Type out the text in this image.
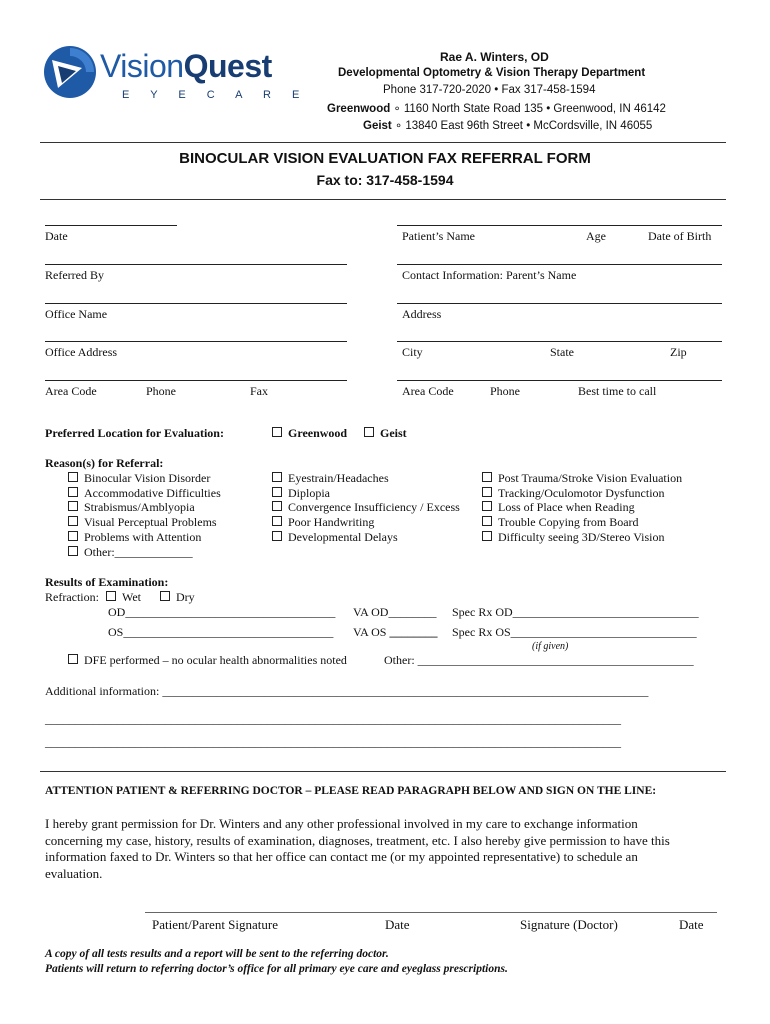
VisionQuest
E Y E C A R E
Rae A. Winters, OD
Developmental Optometry & Vision Therapy Department
Phone 317-720-2020 • Fax 317-458-1594
Greenwood ∘ 1160 North State Road 135 • Greenwood, IN 46142
Geist ∘ 13840 East 96th Street • McCordsville, IN 46055
BINOCULAR VISION EVALUATION FAX REFERRAL FORM
Fax to: 317-458-1594
Date
Referred By
Office Name
Office Address
Area Code	Phone	Fax
Patient’s Name	Age	Date of Birth
Contact Information: Parent’s Name
Address
City	State	Zip
Area Code	Phone	Best time to call
Preferred Location for Evaluation:	Greenwood	Geist
Reason(s) for Referral:
Binocular Vision Disorder
Accommodative Difficulties
Strabismus/Amblyopia
Visual Perceptual Problems
Problems with Attention
Other:_____________
Eyestrain/Headaches
Diplopia
Convergence Insufficiency / Excess
Poor Handwriting
Developmental Delays
Post Trauma/Stroke Vision Evaluation
Tracking/Oculomotor Dysfunction
Loss of Place when Reading
Trouble Copying from Board
Difficulty seeing 3D/Stereo Vision
Results of Examination:
Refraction: Wet	Dry
OD___________________________________ VA OD________ Spec Rx OD_______________________________
OS___________________________________ VA OS ________ Spec Rx OS_______________________________
(if given)
DFE performed – no ocular health abnormalities noted	Other: ______________________________________________
Additional information: _________________________________________________________________________________
________________________________________________________________________________________________
________________________________________________________________________________________________
ATTENTION PATIENT & REFERRING DOCTOR – PLEASE READ PARAGRAPH BELOW AND SIGN ON THE LINE:
I hereby grant permission for Dr. Winters and any other professional involved in my care to exchange information
concerning my case, history, results of examination, diagnoses, treatment, etc. I also hereby give permission to have this
information faxed to Dr. Winters so that her office can contact me (or my appointed representative) to schedule an
evaluation.
Patient/Parent Signature	Date	Signature (Doctor)	Date
A copy of all tests results and a report will be sent to the referring doctor.
Patients will return to referring doctor’s office for all primary eye care and eyeglass prescriptions.
